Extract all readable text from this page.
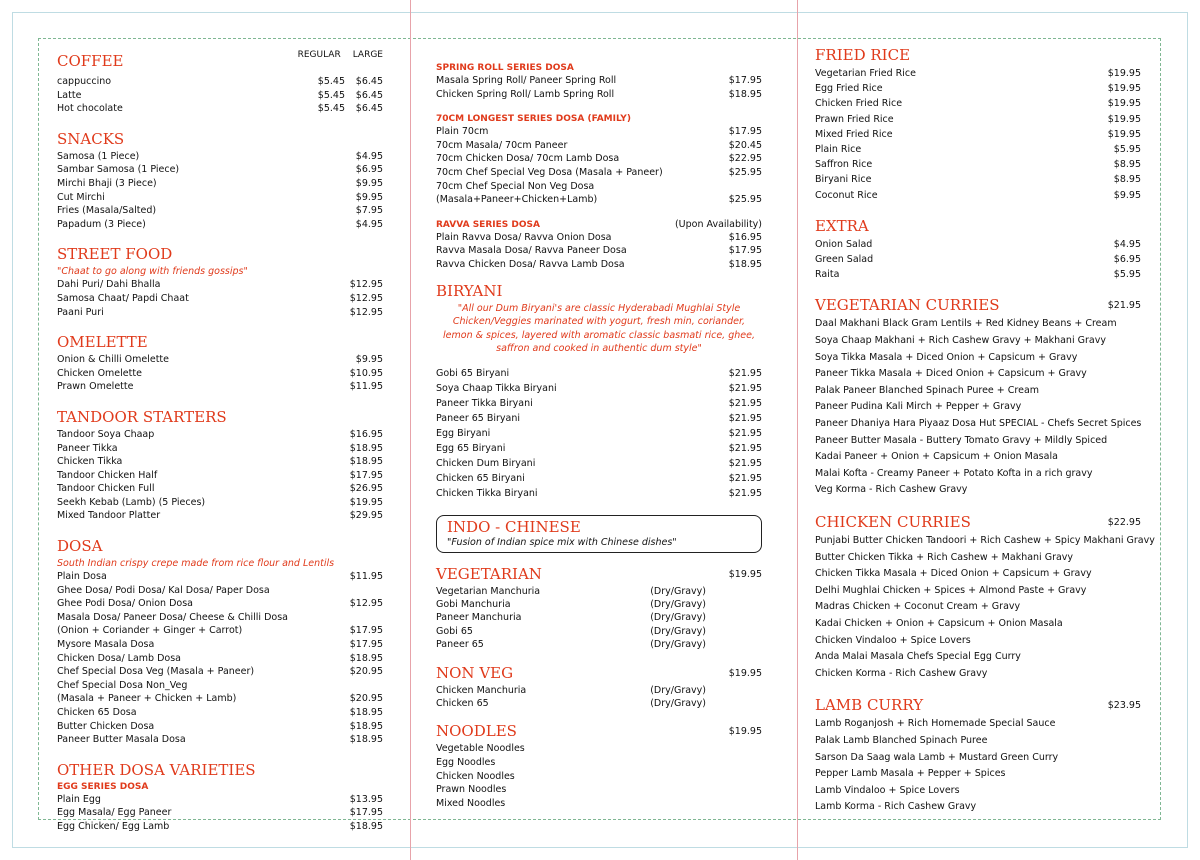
COFFEE	REGULAR LARGE
cappuccino	$5.45	$6.45
Latte	$5.45	$6.45
Hot chocolate	$5.45	$6.45
SNACKS
Samosa (1 Piece)	$4.95
Sambar Samosa (1 Piece)	$6.95
Mirchi Bhaji (3 Piece)	$9.95
Cut Mirchi	$9.95
Fries (Masala/Salted)	$7.95
Papadum (3 Piece)	$4.95
STREET FOOD
"Chaat to go along with friends gossips"
Dahi Puri/ Dahi Bhalla	$12.95
Samosa Chaat/ Papdi Chaat	$12.95
Paani Puri	$12.95
OMELETTE
Onion & Chilli Omelette	$9.95
Chicken Omelette	$10.95
Prawn Omelette	$11.95
TANDOOR STARTERS
Tandoor Soya Chaap	$16.95
Paneer Tikka	$18.95
Chicken Tikka	$18.95
Tandoor Chicken Half	$17.95
Tandoor Chicken Full	$26.95
Seekh Kebab (Lamb) (5 Pieces)	$19.95
Mixed Tandoor Platter	$29.95
DOSA
South Indian crispy crepe made from rice flour and Lentils
Plain Dosa	$11.95
Ghee Dosa/ Podi Dosa/ Kal Dosa/ Paper Dosa
Ghee Podi Dosa/ Onion Dosa	$12.95
Masala Dosa/ Paneer Dosa/ Cheese & Chilli Dosa
(Onion + Coriander + Ginger + Carrot)	$17.95
Mysore Masala Dosa	$17.95
Chicken Dosa/ Lamb Dosa	$18.95
Chef Special Dosa Veg (Masala + Paneer)	$20.95
Chef Special Dosa Non_Veg
(Masala + Paneer + Chicken + Lamb)	$20.95
Chicken 65 Dosa	$18.95
Butter Chicken Dosa	$18.95
Paneer Butter Masala Dosa	$18.95
OTHER DOSA VARIETIES
EGG SERIES DOSA
Plain Egg	$13.95
Egg Masala/ Egg Paneer	$17.95
Egg Chicken/ Egg Lamb	$18.95
SPRING ROLL SERIES DOSA
Masala Spring Roll/ Paneer Spring Roll	$17.95
Chicken Spring Roll/ Lamb Spring Roll	$18.95
70CM LONGEST SERIES DOSA (FAMILY)
Plain 70cm	$17.95
70cm Masala/ 70cm Paneer	$20.45
70cm Chicken Dosa/ 70cm Lamb Dosa	$22.95
70cm Chef Special Veg Dosa (Masala + Paneer)	$25.95
70cm Chef Special Non Veg Dosa
(Masala+Paneer+Chicken+Lamb)	$25.95
RAVVA SERIES DOSA	(Upon Availability)
Plain Ravva Dosa/ Ravva Onion Dosa	$16.95
Ravva Masala Dosa/ Ravva Paneer Dosa	$17.95
Ravva Chicken Dosa/ Ravva Lamb Dosa	$18.95
BIRYANI
"All our Dum Biryani's are classic Hyderabadi Mughlai Style Chicken/Veggies marinated with yogurt, fresh min, coriander, lemon & spices, layered with aromatic classic basmati rice, ghee, saffron and cooked in authentic dum style"
Gobi 65 Biryani	$21.95
Soya Chaap Tikka Biryani	$21.95
Paneer Tikka Biryani	$21.95
Paneer 65 Biryani	$21.95
Egg Biryani	$21.95
Egg 65 Biryani	$21.95
Chicken Dum Biryani	$21.95
Chicken 65 Biryani	$21.95
Chicken Tikka Biryani	$21.95
INDO - CHINESE
"Fusion of Indian spice mix with Chinese dishes"
VEGETARIAN	$19.95
Vegetarian Manchuria	(Dry/Gravy)
Gobi Manchuria	(Dry/Gravy)
Paneer Manchuria	(Dry/Gravy)
Gobi 65	(Dry/Gravy)
Paneer 65	(Dry/Gravy)
NON VEG	$19.95
Chicken Manchuria	(Dry/Gravy)
Chicken 65	(Dry/Gravy)
NOODLES	$19.95
Vegetable Noodles
Egg Noodles
Chicken Noodles
Prawn Noodles
Mixed Noodles
FRIED RICE
Vegetarian Fried Rice	$19.95
Egg Fried Rice	$19.95
Chicken Fried Rice	$19.95
Prawn Fried Rice	$19.95
Mixed Fried Rice	$19.95
Plain Rice	$5.95
Saffron Rice	$8.95
Biryani Rice	$8.95
Coconut Rice	$9.95
EXTRA
Onion Salad	$4.95
Green Salad	$6.95
Raita	$5.95
VEGETARIAN CURRIES	$21.95
Daal Makhani Black Gram Lentils + Red Kidney Beans + Cream
Soya Chaap Makhani + Rich Cashew Gravy + Makhani Gravy
Soya Tikka Masala + Diced Onion + Capsicum + Gravy
Paneer Tikka Masala + Diced Onion + Capsicum + Gravy
Palak Paneer Blanched Spinach Puree + Cream
Paneer Pudina Kali Mirch + Pepper + Gravy
Paneer Dhaniya Hara Piyaaz Dosa Hut SPECIAL - Chefs Secret Spices
Paneer Butter Masala - Buttery Tomato Gravy + Mildly Spiced
Kadai Paneer + Onion + Capsicum + Onion Masala
Malai Kofta - Creamy Paneer + Potato Kofta in a rich gravy
Veg Korma - Rich Cashew Gravy
CHICKEN CURRIES	$22.95
Punjabi Butter Chicken Tandoori + Rich Cashew + Spicy Makhani Gravy
Butter Chicken Tikka + Rich Cashew + Makhani Gravy
Chicken Tikka Masala + Diced Onion + Capsicum + Gravy
Delhi Mughlai Chicken + Spices + Almond Paste + Gravy
Madras Chicken + Coconut Cream + Gravy
Kadai Chicken + Onion + Capsicum + Onion Masala
Chicken Vindaloo + Spice Lovers
Anda Malai Masala Chefs Special Egg Curry
Chicken Korma - Rich Cashew Gravy
LAMB CURRY	$23.95
Lamb Roganjosh + Rich Homemade Special Sauce
Palak Lamb Blanched Spinach Puree
Sarson Da Saag wala Lamb + Mustard Green Curry
Pepper Lamb Masala + Pepper + Spices
Lamb Vindaloo + Spice Lovers
Lamb Korma - Rich Cashew Gravy
